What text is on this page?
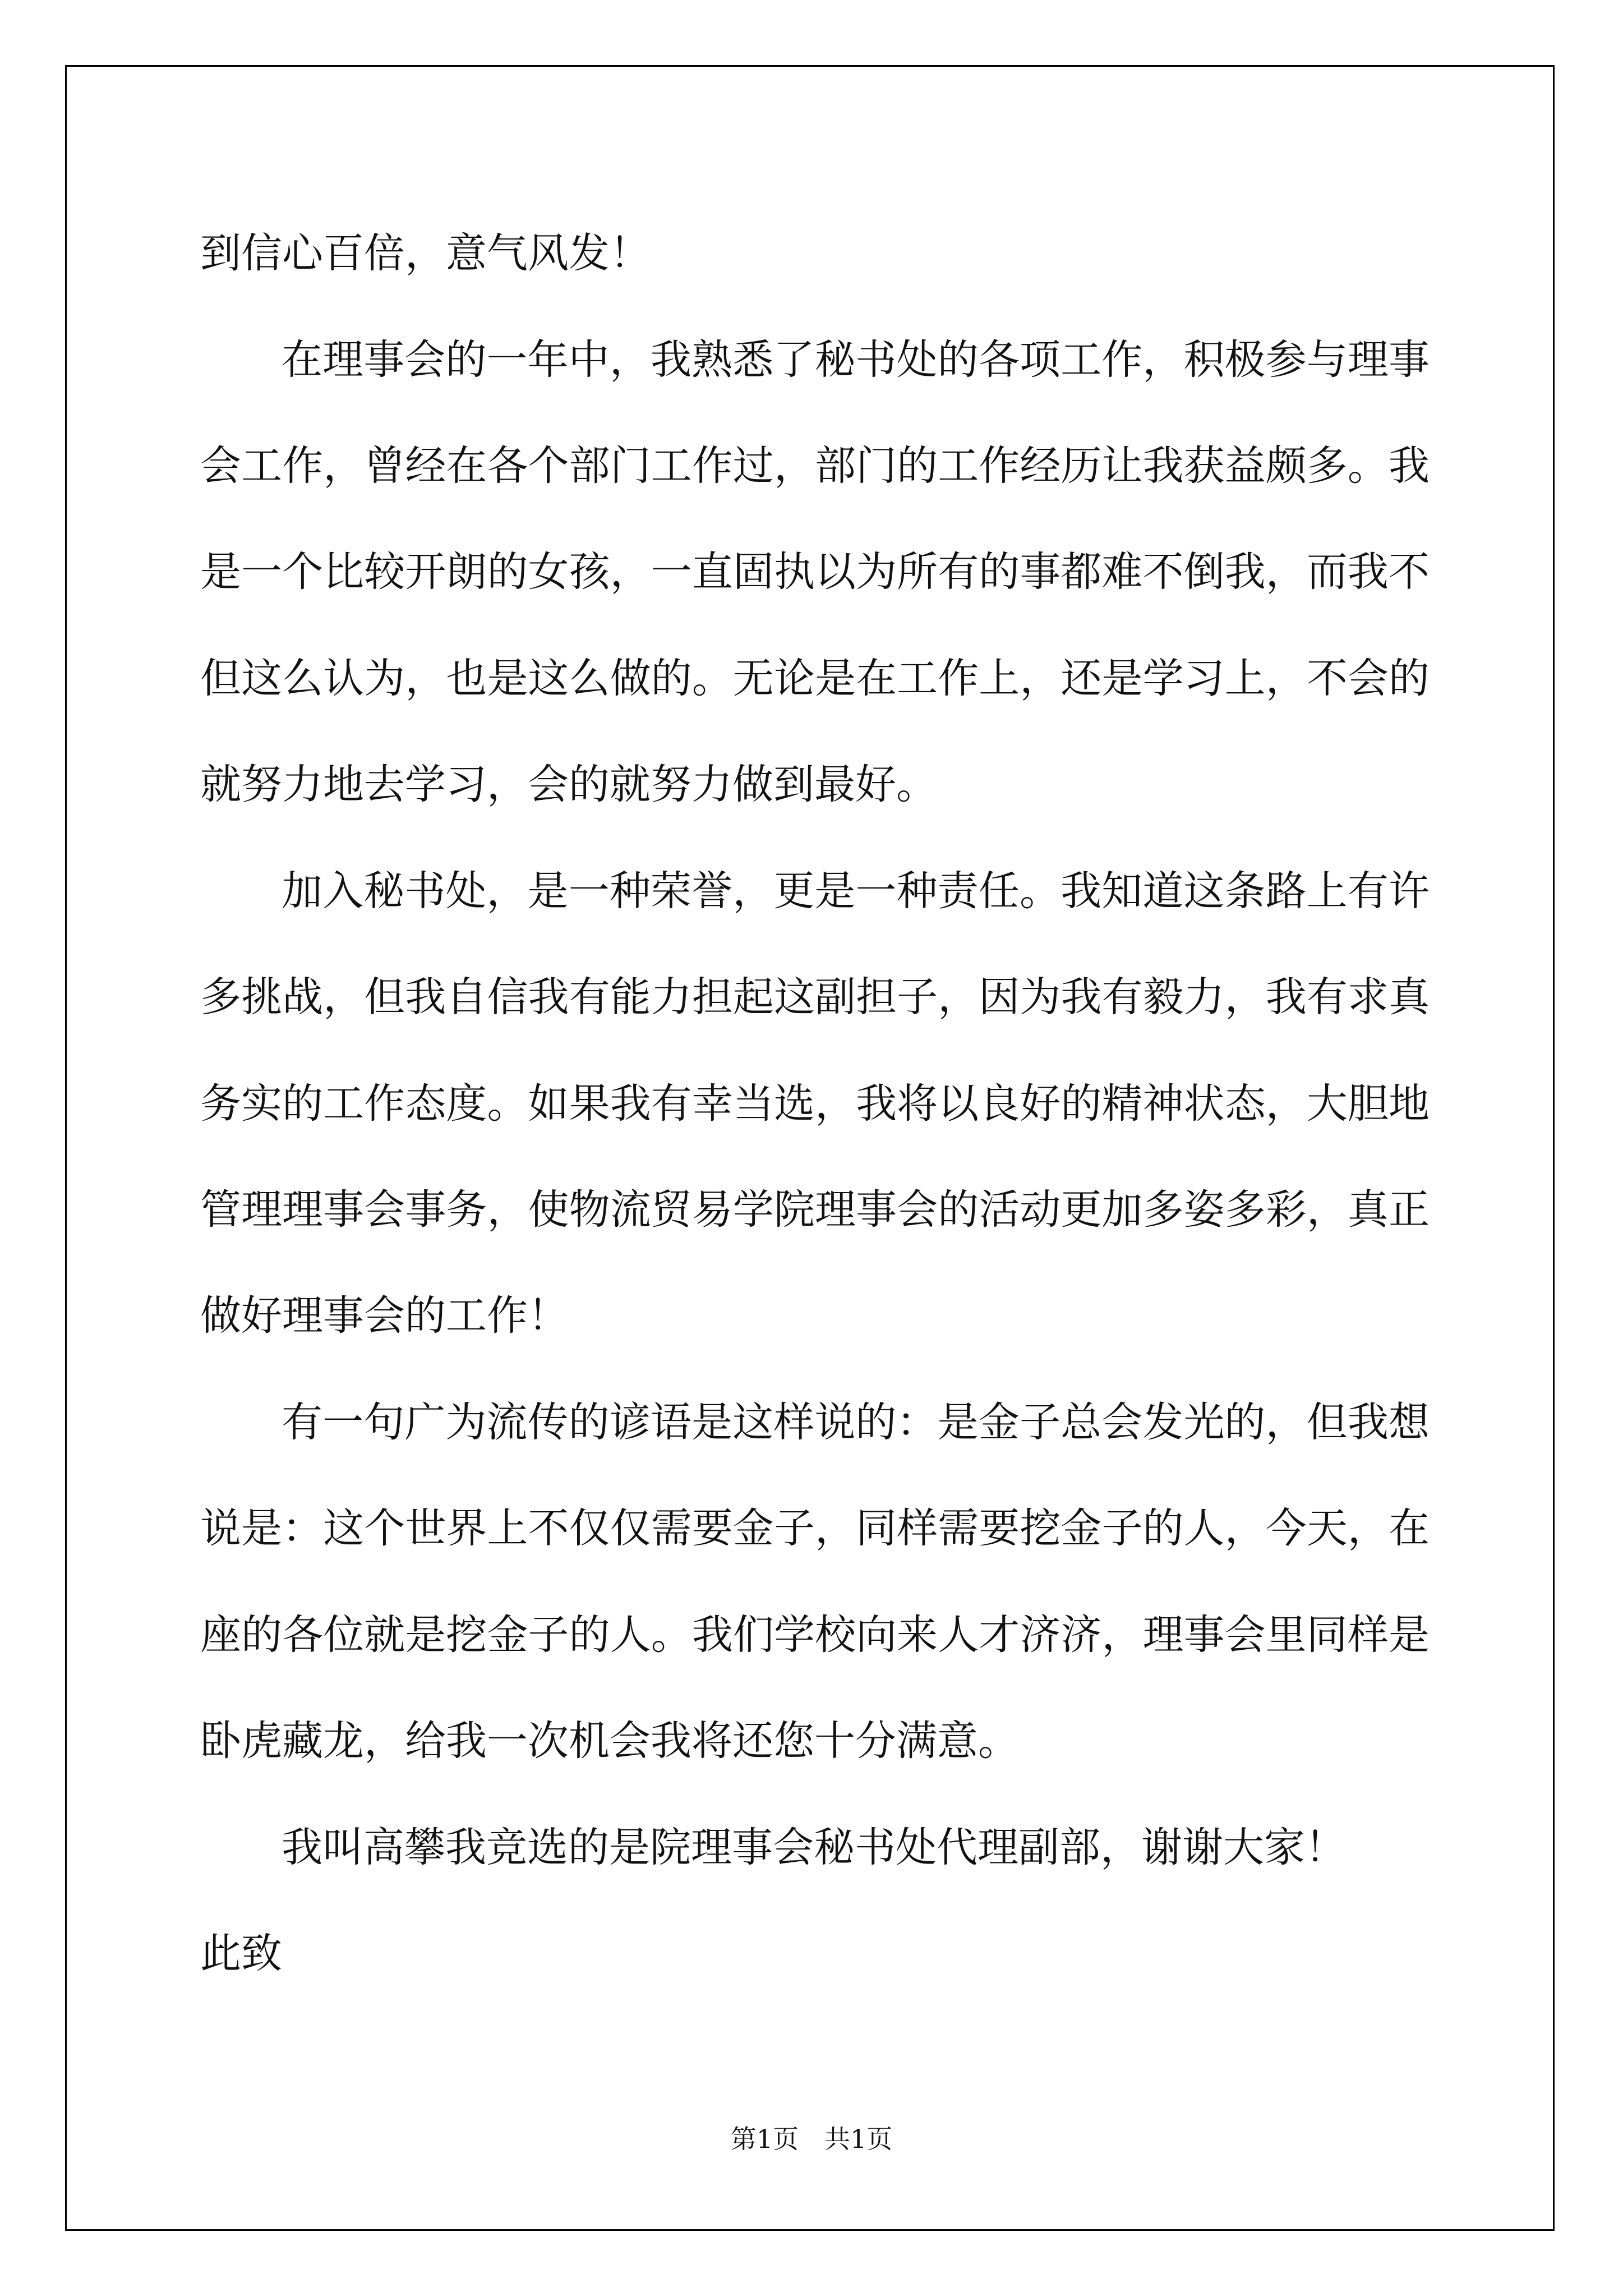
到信心百倍，意气风发！
在理事会的一年中，我熟悉了秘书处的各项工作，积极参与理事
会工作，曾经在各个部门工作过，部门的工作经历让我获益颇多。我
是一个比较开朗的女孩，一直固执以为所有的事都难不倒我，而我不
但这么认为，也是这么做的。无论是在工作上，还是学习上，不会的
就努力地去学习，会的就努力做到最好。
加入秘书处，是一种荣誉，更是一种责任。我知道这条路上有许
多挑战，但我自信我有能力担起这副担子，因为我有毅力，我有求真
务实的工作态度。如果我有幸当选，我将以良好的精神状态，大胆地
管理理事会事务，使物流贸易学院理事会的活动更加多姿多彩，真正
做好理事会的工作！
有一句广为流传的谚语是这样说的：是金子总会发光的，但我想
说是：这个世界上不仅仅需要金子，同样需要挖金子的人，今天，在
座的各位就是挖金子的人。我们学校向来人才济济，理事会里同样是
卧虎藏龙，给我一次机会我将还您十分满意。
我叫高攀我竞选的是院理事会秘书处代理副部，谢谢大家！
此致
第1页 共1页
